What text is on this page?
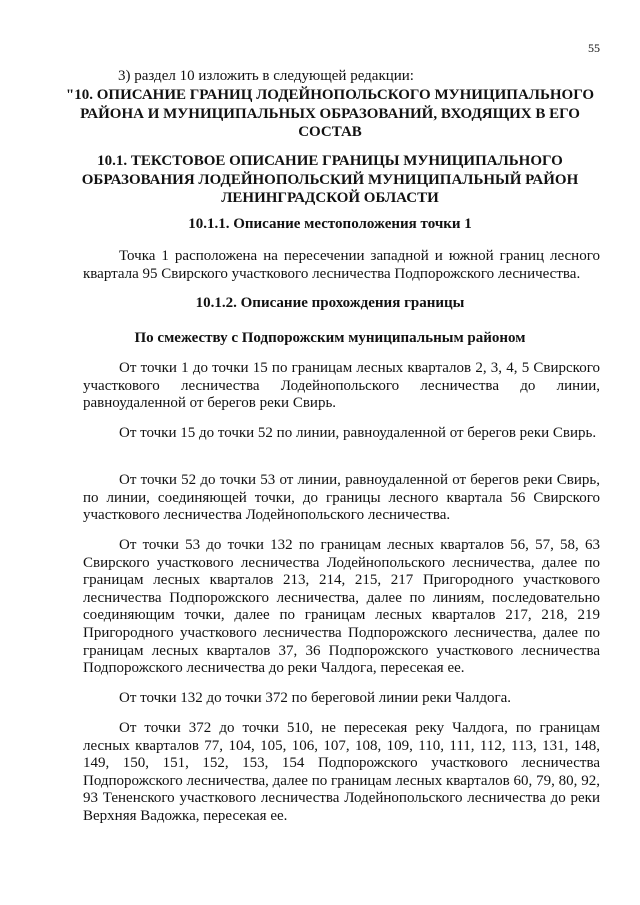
55
3) раздел 10 изложить в следующей редакции:
"10. ОПИСАНИЕ ГРАНИЦ ЛОДЕЙНОПОЛЬСКОГО МУНИЦИПАЛЬНОГО РАЙОНА И МУНИЦИПАЛЬНЫХ ОБРАЗОВАНИЙ, ВХОДЯЩИХ В ЕГО СОСТАВ
10.1. ТЕКСТОВОЕ ОПИСАНИЕ ГРАНИЦЫ МУНИЦИПАЛЬНОГО ОБРАЗОВАНИЯ ЛОДЕЙНОПОЛЬСКИЙ МУНИЦИПАЛЬНЫЙ РАЙОН ЛЕНИНГРАДСКОЙ ОБЛАСТИ
10.1.1. Описание местоположения точки 1
Точка 1 расположена на пересечении западной и южной границ лесного квартала 95 Свирского участкового лесничества Подпорожского лесничества.
10.1.2. Описание прохождения границы
По смежеству с Подпорожским муниципальным районом
От точки 1 до точки 15 по границам лесных кварталов 2, 3, 4, 5 Свирского участкового лесничества Лодейнопольского лесничества до линии, равноудаленной от берегов реки Свирь.
От точки 15 до точки 52 по линии, равноудаленной от берегов реки Свирь.
От точки 52 до точки 53 от линии, равноудаленной от берегов реки Свирь, по линии, соединяющей точки, до границы лесного квартала 56 Свирского участкового лесничества Лодейнопольского лесничества.
От точки 53 до точки 132 по границам лесных кварталов 56, 57, 58, 63 Свирского участкового лесничества Лодейнопольского лесничества, далее по границам лесных кварталов 213, 214, 215, 217 Пригородного участкового лесничества Подпорожского лесничества, далее по линиям, последовательно соединяющим точки, далее по границам лесных кварталов 217, 218, 219 Пригородного участкового лесничества Подпорожского лесничества, далее по границам лесных кварталов 37, 36 Подпорожского участкового лесничества Подпорожского лесничества до реки Чалдога, пересекая ее.
От точки 132 до точки 372 по береговой линии реки Чалдога.
От точки 372 до точки 510, не пересекая реку Чалдога, по границам лесных кварталов 77, 104, 105, 106, 107, 108, 109, 110, 111, 112, 113, 131, 148, 149, 150, 151, 152, 153, 154 Подпорожского участкового лесничества Подпорожского лесничества, далее по границам лесных кварталов 60, 79, 80, 92, 93 Тененского участкового лесничества Лодейнопольского лесничества до реки Верхняя Вадожка, пересекая ее.
